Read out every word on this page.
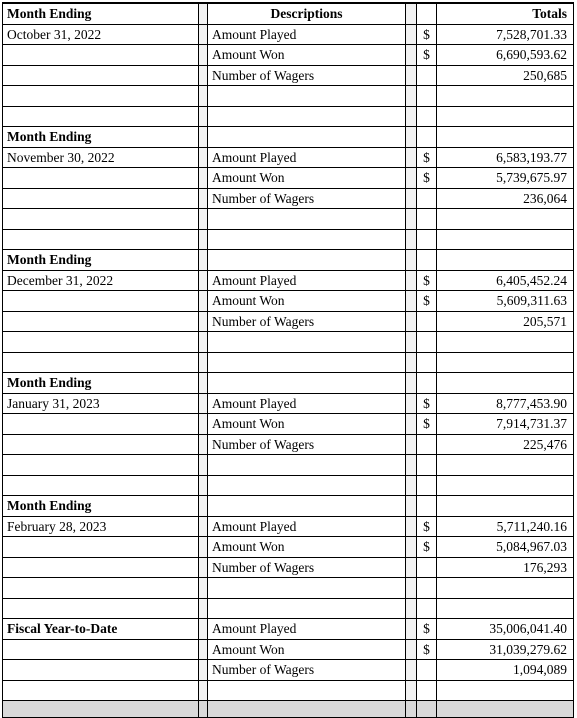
Month Ending		Descriptions			Totals
October 31, 2022		Amount Played		$	7,528,701.33
		Amount Won		$	6,690,593.62
		Number of Wagers			250,685

Month Ending					
November 30, 2022		Amount Played		$	6,583,193.77
		Amount Won		$	5,739,675.97
		Number of Wagers			236,064

Month Ending					
December 31, 2022		Amount Played		$	6,405,452.24
		Amount Won		$	5,609,311.63
		Number of Wagers			205,571

Month Ending					
January 31, 2023		Amount Played		$	8,777,453.90
		Amount Won		$	7,914,731.37
		Number of Wagers			225,476

Month Ending					
February 28, 2023		Amount Played		$	5,711,240.16
		Amount Won		$	5,084,967.03
		Number of Wagers			176,293

Fiscal Year-to-Date		Amount Played		$	35,006,041.40
		Amount Won		$	31,039,279.62
		Number of Wagers			1,094,089
